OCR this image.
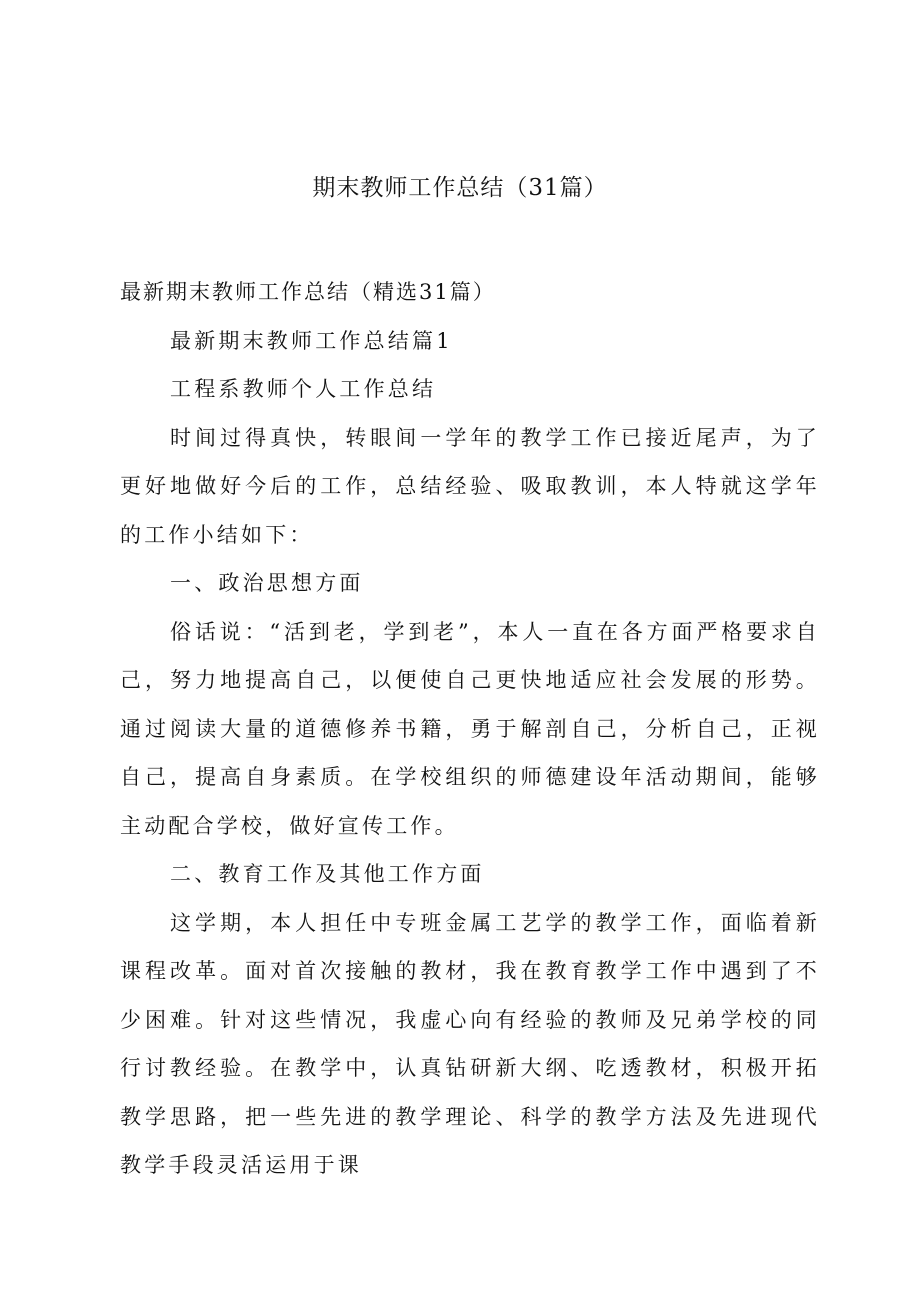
期末教师工作总结（31篇）

最新期末教师工作总结（精选31篇）

最新期末教师工作总结篇1

工程系教师个人工作总结

时间过得真快，转眼间一学年的教学工作已接近尾声，为了更好地做好今后的工作，总结经验、吸取教训，本人特就这学年的工作小结如下：

一、政治思想方面

俗话说：“活到老，学到老”，本人一直在各方面严格要求自己，努力地提高自己，以便使自己更快地适应社会发展的形势。通过阅读大量的道德修养书籍，勇于解剖自己，分析自己，正视自己，提高自身素质。在学校组织的师德建设年活动期间，能够主动配合学校，做好宣传工作。

二、教育工作及其他工作方面

这学期，本人担任中专班金属工艺学的教学工作，面临着新课程改革。面对首次接触的教材，我在教育教学工作中遇到了不少困难。针对这些情况，我虚心向有经验的教师及兄弟学校的同行讨教经验。在教学中，认真钻研新大纲、吃透教材，积极开拓教学思路，把一些先进的教学理论、科学的教学方法及先进现代教学手段灵活运用于课
